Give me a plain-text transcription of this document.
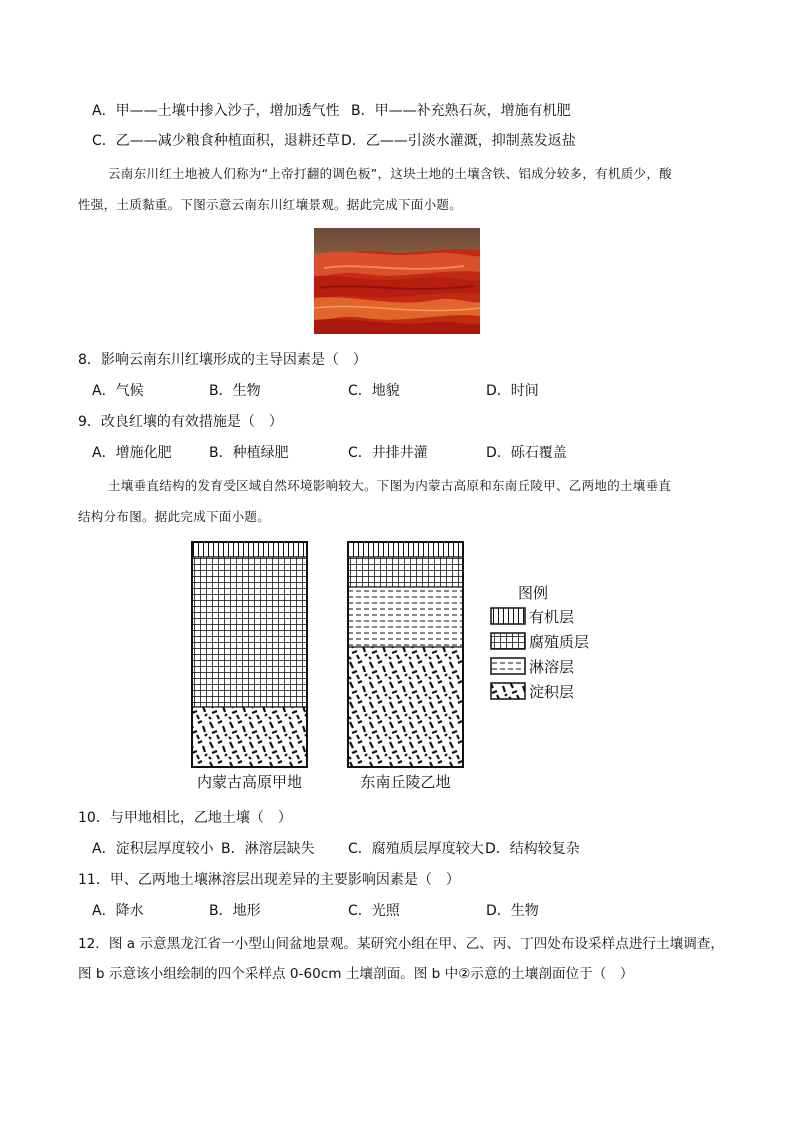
A．甲——土壤中掺入沙子，增加透气性 B．甲——补充熟石灰，增施有机肥
C．乙——减少粮食种植面积，退耕还草 D．乙——引淡水灌溉，抑制蒸发返盐
云南东川红土地被人们称为“上帝打翻的调色板”，这块土地的土壤含铁、铝成分较多，有机质少，酸
性强，土质黏重。下图示意云南东川红壤景观。据此完成下面小题。
8．影响云南东川红壤形成的主导因素是（　）
A．气候	B．生物	C．地貌	D．时间
9．改良红壤的有效措施是（　）
A．增施化肥	B．种植绿肥	C．井排井灌	D．砾石覆盖
土壤垂直结构的发育受区域自然环境影响较大。下图为内蒙古高原和东南丘陵甲、乙两地的土壤垂直
结构分布图。据此完成下面小题。
内蒙古高原甲地	东南丘陵乙地
图例
有机层
腐殖质层
淋溶层
淀积层
10．与甲地相比，乙地土壤（　）
A．淀积层厚度较小 B．淋溶层缺失 C．腐殖质层厚度较大 D．结构较复杂
11．甲、乙两地土壤淋溶层出现差异的主要影响因素是（　）
A．降水	B．地形	C．光照	D．生物
12．图 a 示意黑龙江省一小型山间盆地景观。某研究小组在甲、乙、丙、丁四处布设采样点进行土壤调查，
图 b 示意该小组绘制的四个采样点 0-60cm 土壤剖面。图 b 中②示意的土壤剖面位于（　）
